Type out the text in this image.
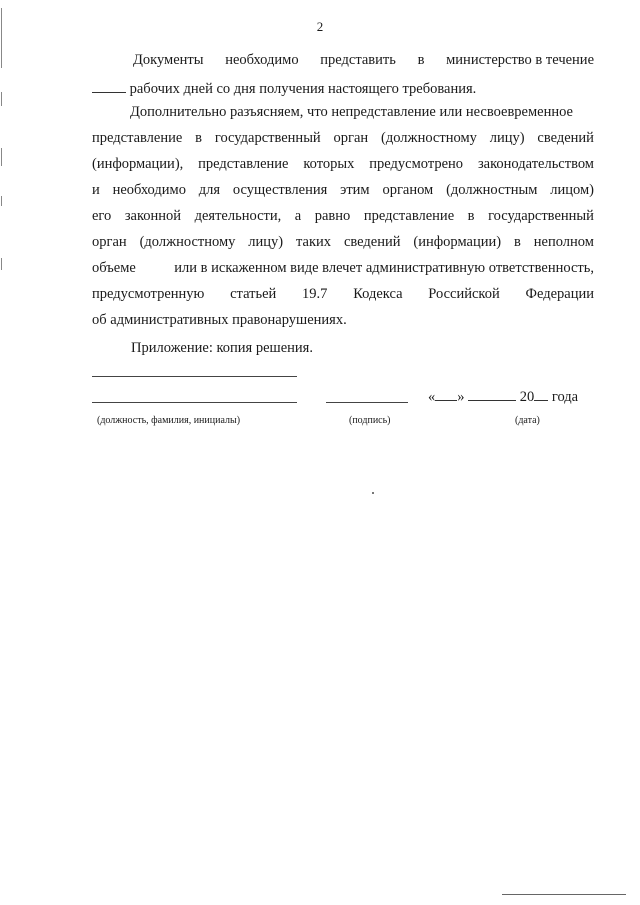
2
Документы необходимо представить в министерство в течение
рабочих дней со дня получения настоящего требования.
Дополнительно разъясняем, что непредставление или несвоевременное
представление в государственный орган (должностному лицу) сведений
(информации), представление которых предусмотрено законодательством
и необходимо для осуществления этим органом (должностным лицом)
его законной деятельности, а равно представление в государственный
орган (должностному лицу) таких сведений (информации) в неполном
объеме	или в искаженном виде влечет административную ответственность,
предусмотренную статьей 19.7 Кодекса Российской Федерации
об административных правонарушениях.
Приложение: копия решения.
« »	20 года
(должность, фамилия, инициалы)	(подпись)	(дата)
